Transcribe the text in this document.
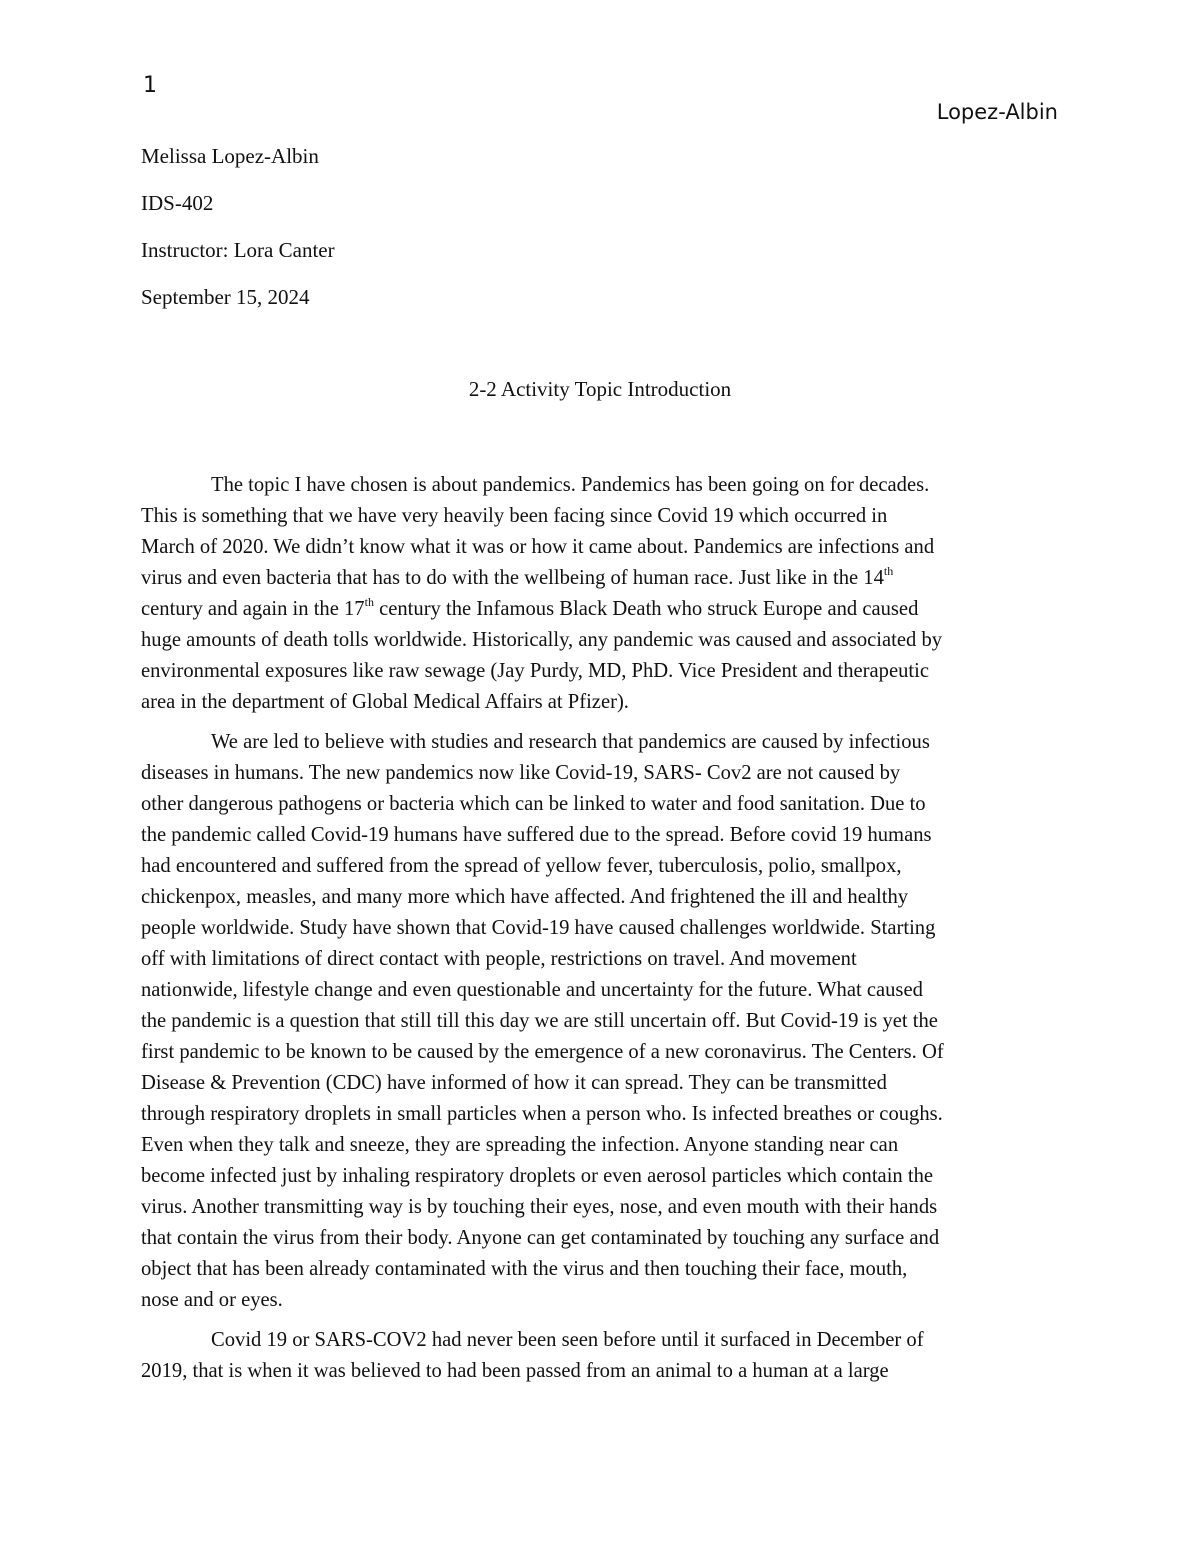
1
Lopez-Albin
Melissa Lopez-Albin
IDS-402
Instructor: Lora Canter
September 15, 2024
2-2 Activity Topic Introduction
The topic I have chosen is about pandemics. Pandemics has been going on for decades.
This is something that we have very heavily been facing since Covid 19 which occurred in
March of 2020. We didn’t know what it was or how it came about. Pandemics are infections and
virus and even bacteria that has to do with the wellbeing of human race. Just like in the 14th
century and again in the 17th century the Infamous Black Death who struck Europe and caused
huge amounts of death tolls worldwide. Historically, any pandemic was caused and associated by
environmental exposures like raw sewage (Jay Purdy, MD, PhD. Vice President and therapeutic
area in the department of Global Medical Affairs at Pfizer).
We are led to believe with studies and research that pandemics are caused by infectious
diseases in humans. The new pandemics now like Covid-19, SARS- Cov2 are not caused by
other dangerous pathogens or bacteria which can be linked to water and food sanitation. Due to
the pandemic called Covid-19 humans have suffered due to the spread. Before covid 19 humans
had encountered and suffered from the spread of yellow fever, tuberculosis, polio, smallpox,
chickenpox, measles, and many more which have affected. And frightened the ill and healthy
people worldwide. Study have shown that Covid-19 have caused challenges worldwide. Starting
off with limitations of direct contact with people, restrictions on travel. And movement
nationwide, lifestyle change and even questionable and uncertainty for the future. What caused
the pandemic is a question that still till this day we are still uncertain off. But Covid-19 is yet the
first pandemic to be known to be caused by the emergence of a new coronavirus. The Centers. Of
Disease & Prevention (CDC) have informed of how it can spread. They can be transmitted
through respiratory droplets in small particles when a person who. Is infected breathes or coughs.
Even when they talk and sneeze, they are spreading the infection. Anyone standing near can
become infected just by inhaling respiratory droplets or even aerosol particles which contain the
virus. Another transmitting way is by touching their eyes, nose, and even mouth with their hands
that contain the virus from their body. Anyone can get contaminated by touching any surface and
object that has been already contaminated with the virus and then touching their face, mouth,
nose and or eyes.
Covid 19 or SARS-COV2 had never been seen before until it surfaced in December of
2019, that is when it was believed to had been passed from an animal to a human at a large
